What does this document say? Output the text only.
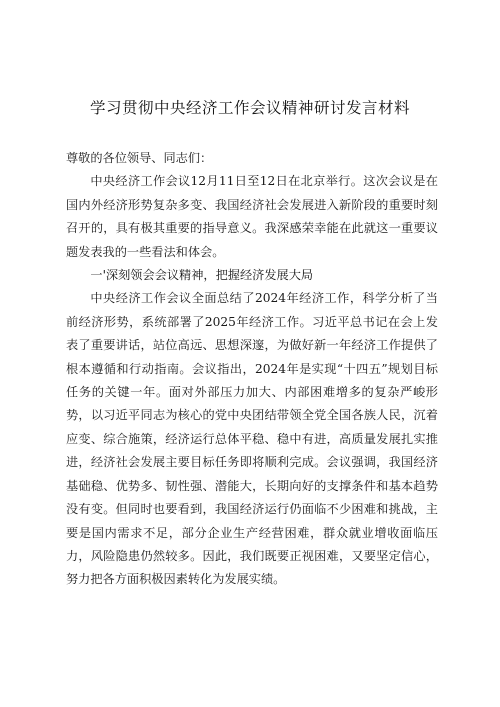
学习贯彻中央经济工作会议精神研讨发言材料

尊敬的各位领导、同志们：

中央经济工作会议12月11日至12日在北京举行。这次会议是在国内外经济形势复杂多变、我国经济社会发展进入新阶段的重要时刻召开的，具有极其重要的指导意义。我深感荣幸能在此就这一重要议题发表我的一些看法和体会。

一'深刻领会会议精神，把握经济发展大局

中央经济工作会议全面总结了2024年经济工作，科学分析了当前经济形势，系统部署了2025年经济工作。习近平总书记在会上发表了重要讲话，站位高远、思想深邃，为做好新一年经济工作提供了根本遵循和行动指南。会议指出，2024年是实现“十四五”规划目标任务的关键一年。面对外部压力加大、内部困难增多的复杂严峻形势，以习近平同志为核心的党中央团结带领全党全国各族人民，沉着应变、综合施策，经济运行总体平稳、稳中有进，高质量发展扎实推进，经济社会发展主要目标任务即将顺利完成。会议强调，我国经济基础稳、优势多、韧性强、潜能大，长期向好的支撑条件和基本趋势没有变。但同时也要看到，我国经济运行仍面临不少困难和挑战，主要是国内需求不足，部分企业生产经营困难，群众就业增收面临压力，风险隐患仍然较多。因此，我们既要正视困难，又要坚定信心，努力把各方面积极因素转化为发展实绩。
